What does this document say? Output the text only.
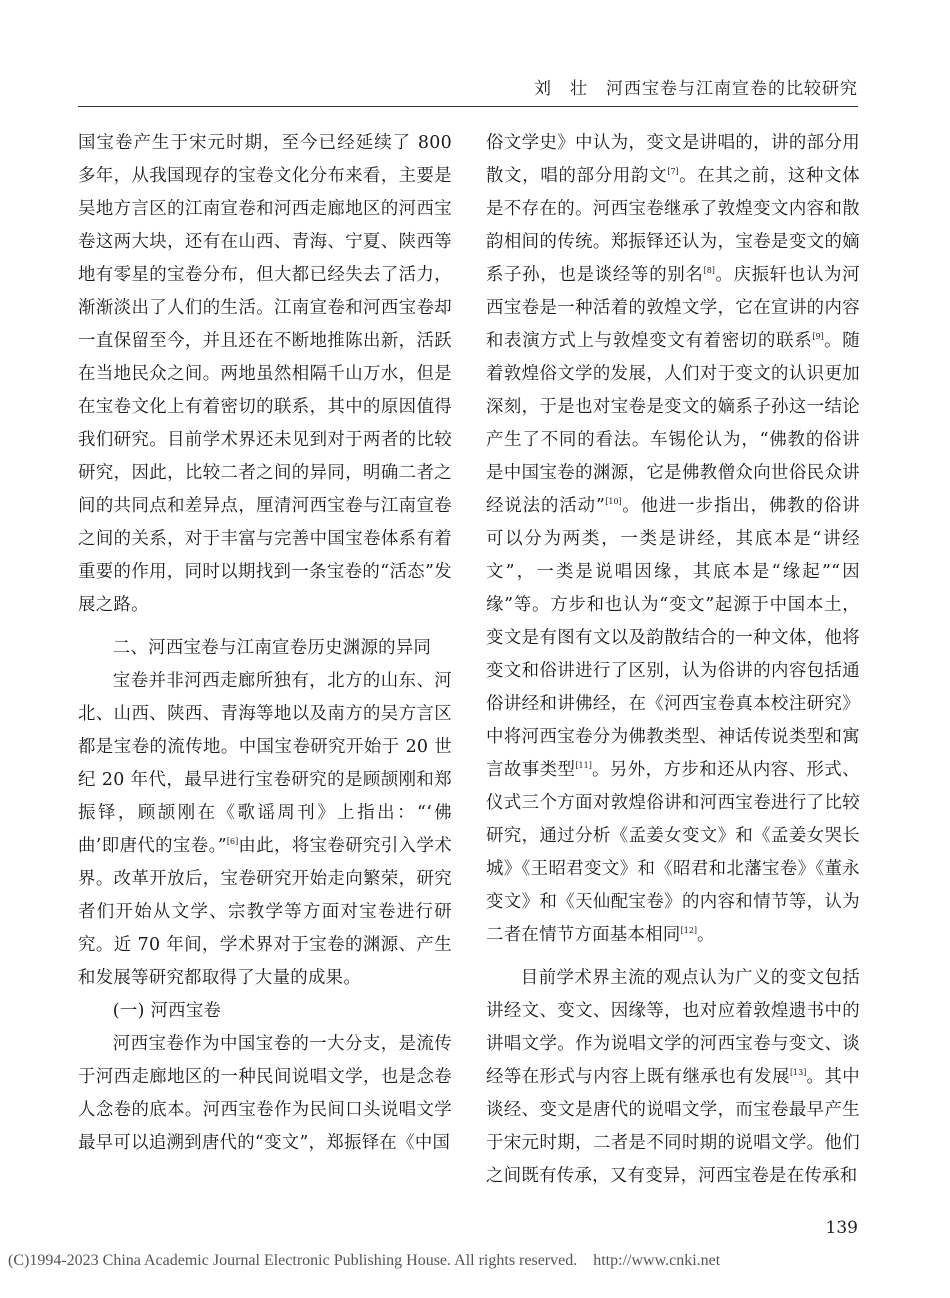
刘　壮 河西宝卷与江南宣卷的比较研究

国宝卷产生于宋元时期，至今已经延续了 800 多年，从我国现存的宝卷文化分布来看，主要是吴地方言区的江南宣卷和河西走廊地区的河西宝卷这两大块，还有在山西、青海、宁夏、陕西等地有零星的宝卷分布，但大都已经失去了活力，渐渐淡出了人们的生活。江南宣卷和河西宝卷却一直保留至今，并且还在不断地推陈出新，活跃在当地民众之间。两地虽然相隔千山万水，但是在宝卷文化上有着密切的联系，其中的原因值得我们研究。目前学术界还未见到对于两者的比较研究，因此，比较二者之间的异同，明确二者之间的共同点和差异点，厘清河西宝卷与江南宣卷之间的关系，对于丰富与完善中国宝卷体系有着重要的作用，同时以期找到一条宝卷的“活态”发展之路。

二、河西宝卷与江南宣卷历史渊源的异同

宝卷并非河西走廊所独有，北方的山东、河北、山西、陕西、青海等地以及南方的吴方言区都是宝卷的流传地。中国宝卷研究开始于 20 世纪 20 年代，最早进行宝卷研究的是顾颉刚和郑振铎，顾颉刚在《歌谣周刊》上指出：“‘佛曲’即唐代的宝卷。”[6]由此，将宝卷研究引入学术界。改革开放后，宝卷研究开始走向繁荣，研究者们开始从文学、宗教学等方面对宝卷进行研究。近 70 年间，学术界对于宝卷的渊源、产生和发展等研究都取得了大量的成果。

(一) 河西宝卷

河西宝卷作为中国宝卷的一大分支，是流传于河西走廊地区的一种民间说唱文学，也是念卷人念卷的底本。河西宝卷作为民间口头说唱文学最早可以追溯到唐代的“变文”，郑振铎在《中国

俗文学史》中认为，变文是讲唱的，讲的部分用散文，唱的部分用韵文[7]。在其之前，这种文体是不存在的。河西宝卷继承了敦煌变文内容和散韵相间的传统。郑振铎还认为，宝卷是变文的嫡系子孙，也是谈经等的别名[8]。庆振轩也认为河西宝卷是一种活着的敦煌文学，它在宣讲的内容和表演方式上与敦煌变文有着密切的联系[9]。随着敦煌俗文学的发展，人们对于变文的认识更加深刻，于是也对宝卷是变文的嫡系子孙这一结论产生了不同的看法。车锡伦认为，“佛教的俗讲是中国宝卷的渊源，它是佛教僧众向世俗民众讲经说法的活动”[10]。他进一步指出，佛教的俗讲可以分为两类，一类是讲经，其底本是“讲经文”，一类是说唱因缘，其底本是“缘起”“因缘”等。方步和也认为“变文”起源于中国本土，变文是有图有文以及韵散结合的一种文体，他将变文和俗讲进行了区别，认为俗讲的内容包括通俗讲经和讲佛经，在《河西宝卷真本校注研究》中将河西宝卷分为佛教类型、神话传说类型和寓言故事类型[11]。另外，方步和还从内容、形式、仪式三个方面对敦煌俗讲和河西宝卷进行了比较研究，通过分析《孟姜女变文》和《孟姜女哭长城》《王昭君变文》和《昭君和北藩宝卷》《董永变文》和《天仙配宝卷》的内容和情节等，认为二者在情节方面基本相同[12]。

目前学术界主流的观点认为广义的变文包括讲经文、变文、因缘等，也对应着敦煌遗书中的讲唱文学。作为说唱文学的河西宝卷与变文、谈经等在形式与内容上既有继承也有发展[13]。其中谈经、变文是唐代的说唱文学，而宝卷最早产生于宋元时期，二者是不同时期的说唱文学。他们之间既有传承，又有变异，河西宝卷是在传承和

139
(C)1994-2023 China Academic Journal Electronic Publishing House. All rights reserved. http://www.cnki.net
